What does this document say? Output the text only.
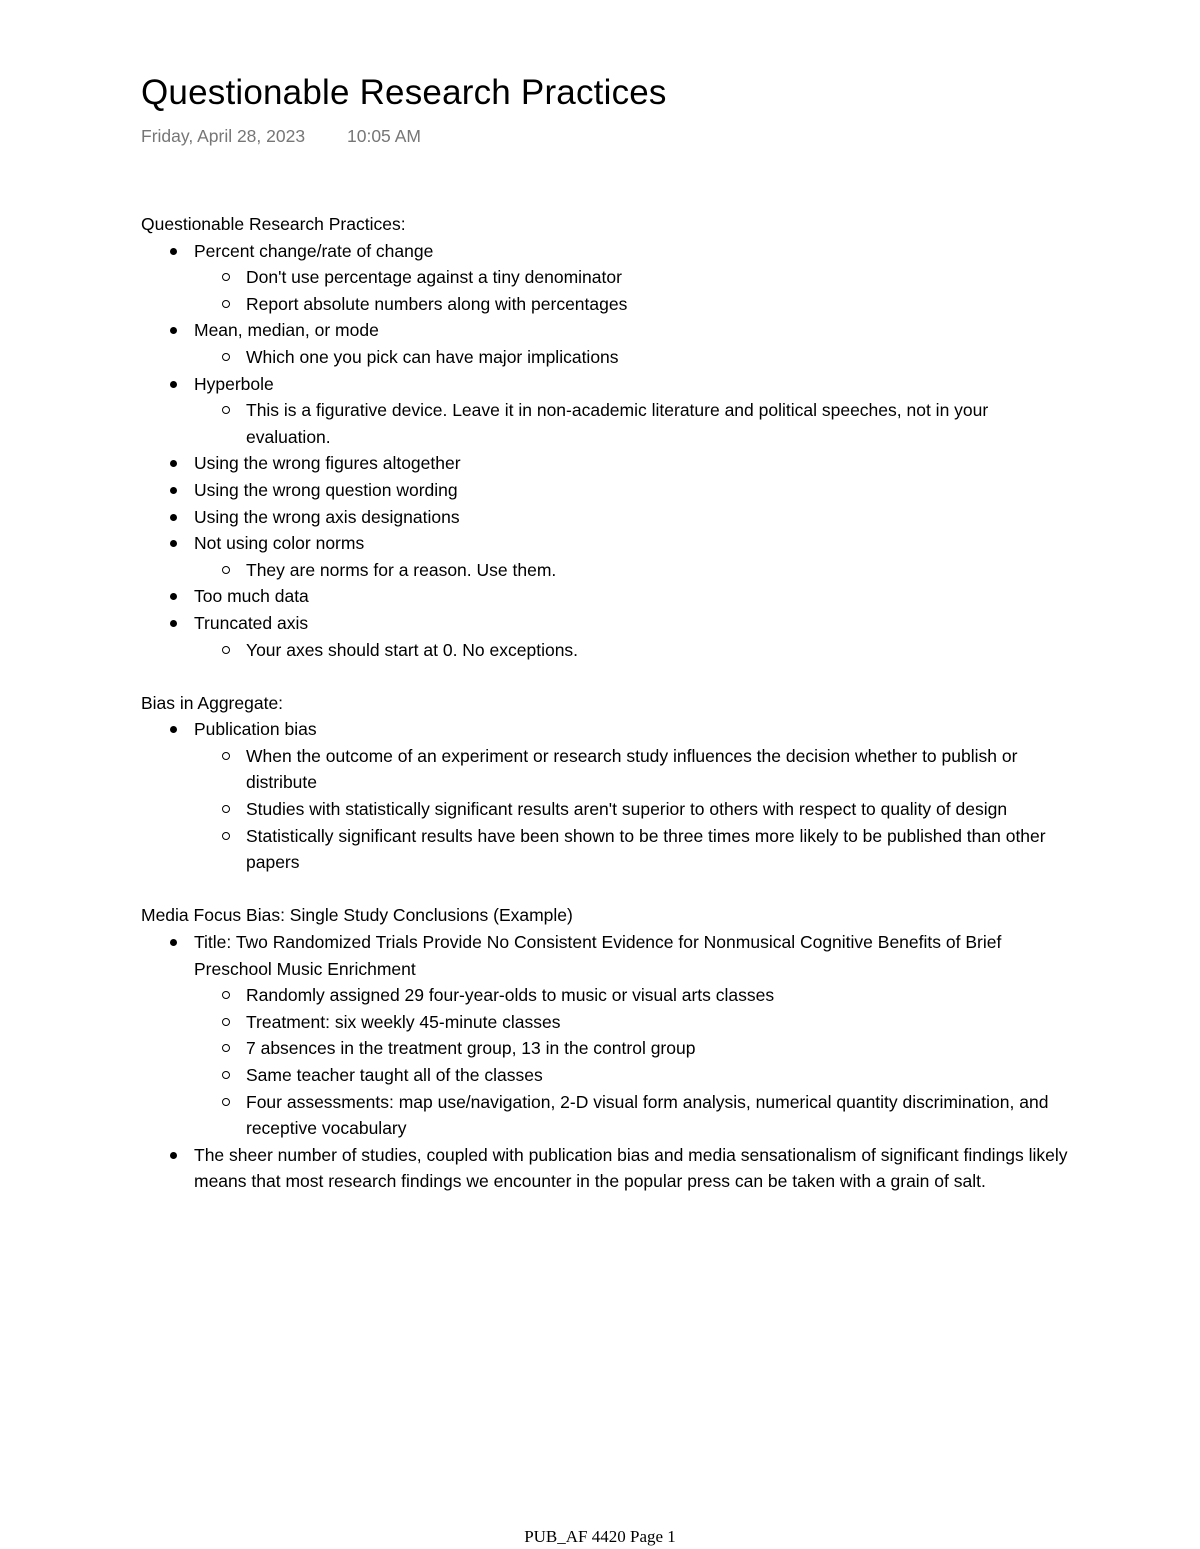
Questionable Research Practices
Friday, April 28, 2023 10:05 AM
Questionable Research Practices:
Percent change/rate of change
Don't use percentage against a tiny denominator
Report absolute numbers along with percentages
Mean, median, or mode
Which one you pick can have major implications
Hyperbole
This is a figurative device. Leave it in non-academic literature and political speeches, not in your evaluation.
Using the wrong figures altogether
Using the wrong question wording
Using the wrong axis designations
Not using color norms
They are norms for a reason. Use them.
Too much data
Truncated axis
Your axes should start at 0. No exceptions.
Bias in Aggregate:
Publication bias
When the outcome of an experiment or research study influences the decision whether to publish or distribute
Studies with statistically significant results aren't superior to others with respect to quality of design
Statistically significant results have been shown to be three times more likely to be published than other papers
Media Focus Bias: Single Study Conclusions (Example)
Title: Two Randomized Trials Provide No Consistent Evidence for Nonmusical Cognitive Benefits of Brief Preschool Music Enrichment
Randomly assigned 29 four-year-olds to music or visual arts classes
Treatment: six weekly 45-minute classes
7 absences in the treatment group, 13 in the control group
Same teacher taught all of the classes
Four assessments: map use/navigation, 2-D visual form analysis, numerical quantity discrimination, and receptive vocabulary
The sheer number of studies, coupled with publication bias and media sensationalism of significant findings likely means that most research findings we encounter in the popular press can be taken with a grain of salt.
PUB_AF 4420 Page 1
